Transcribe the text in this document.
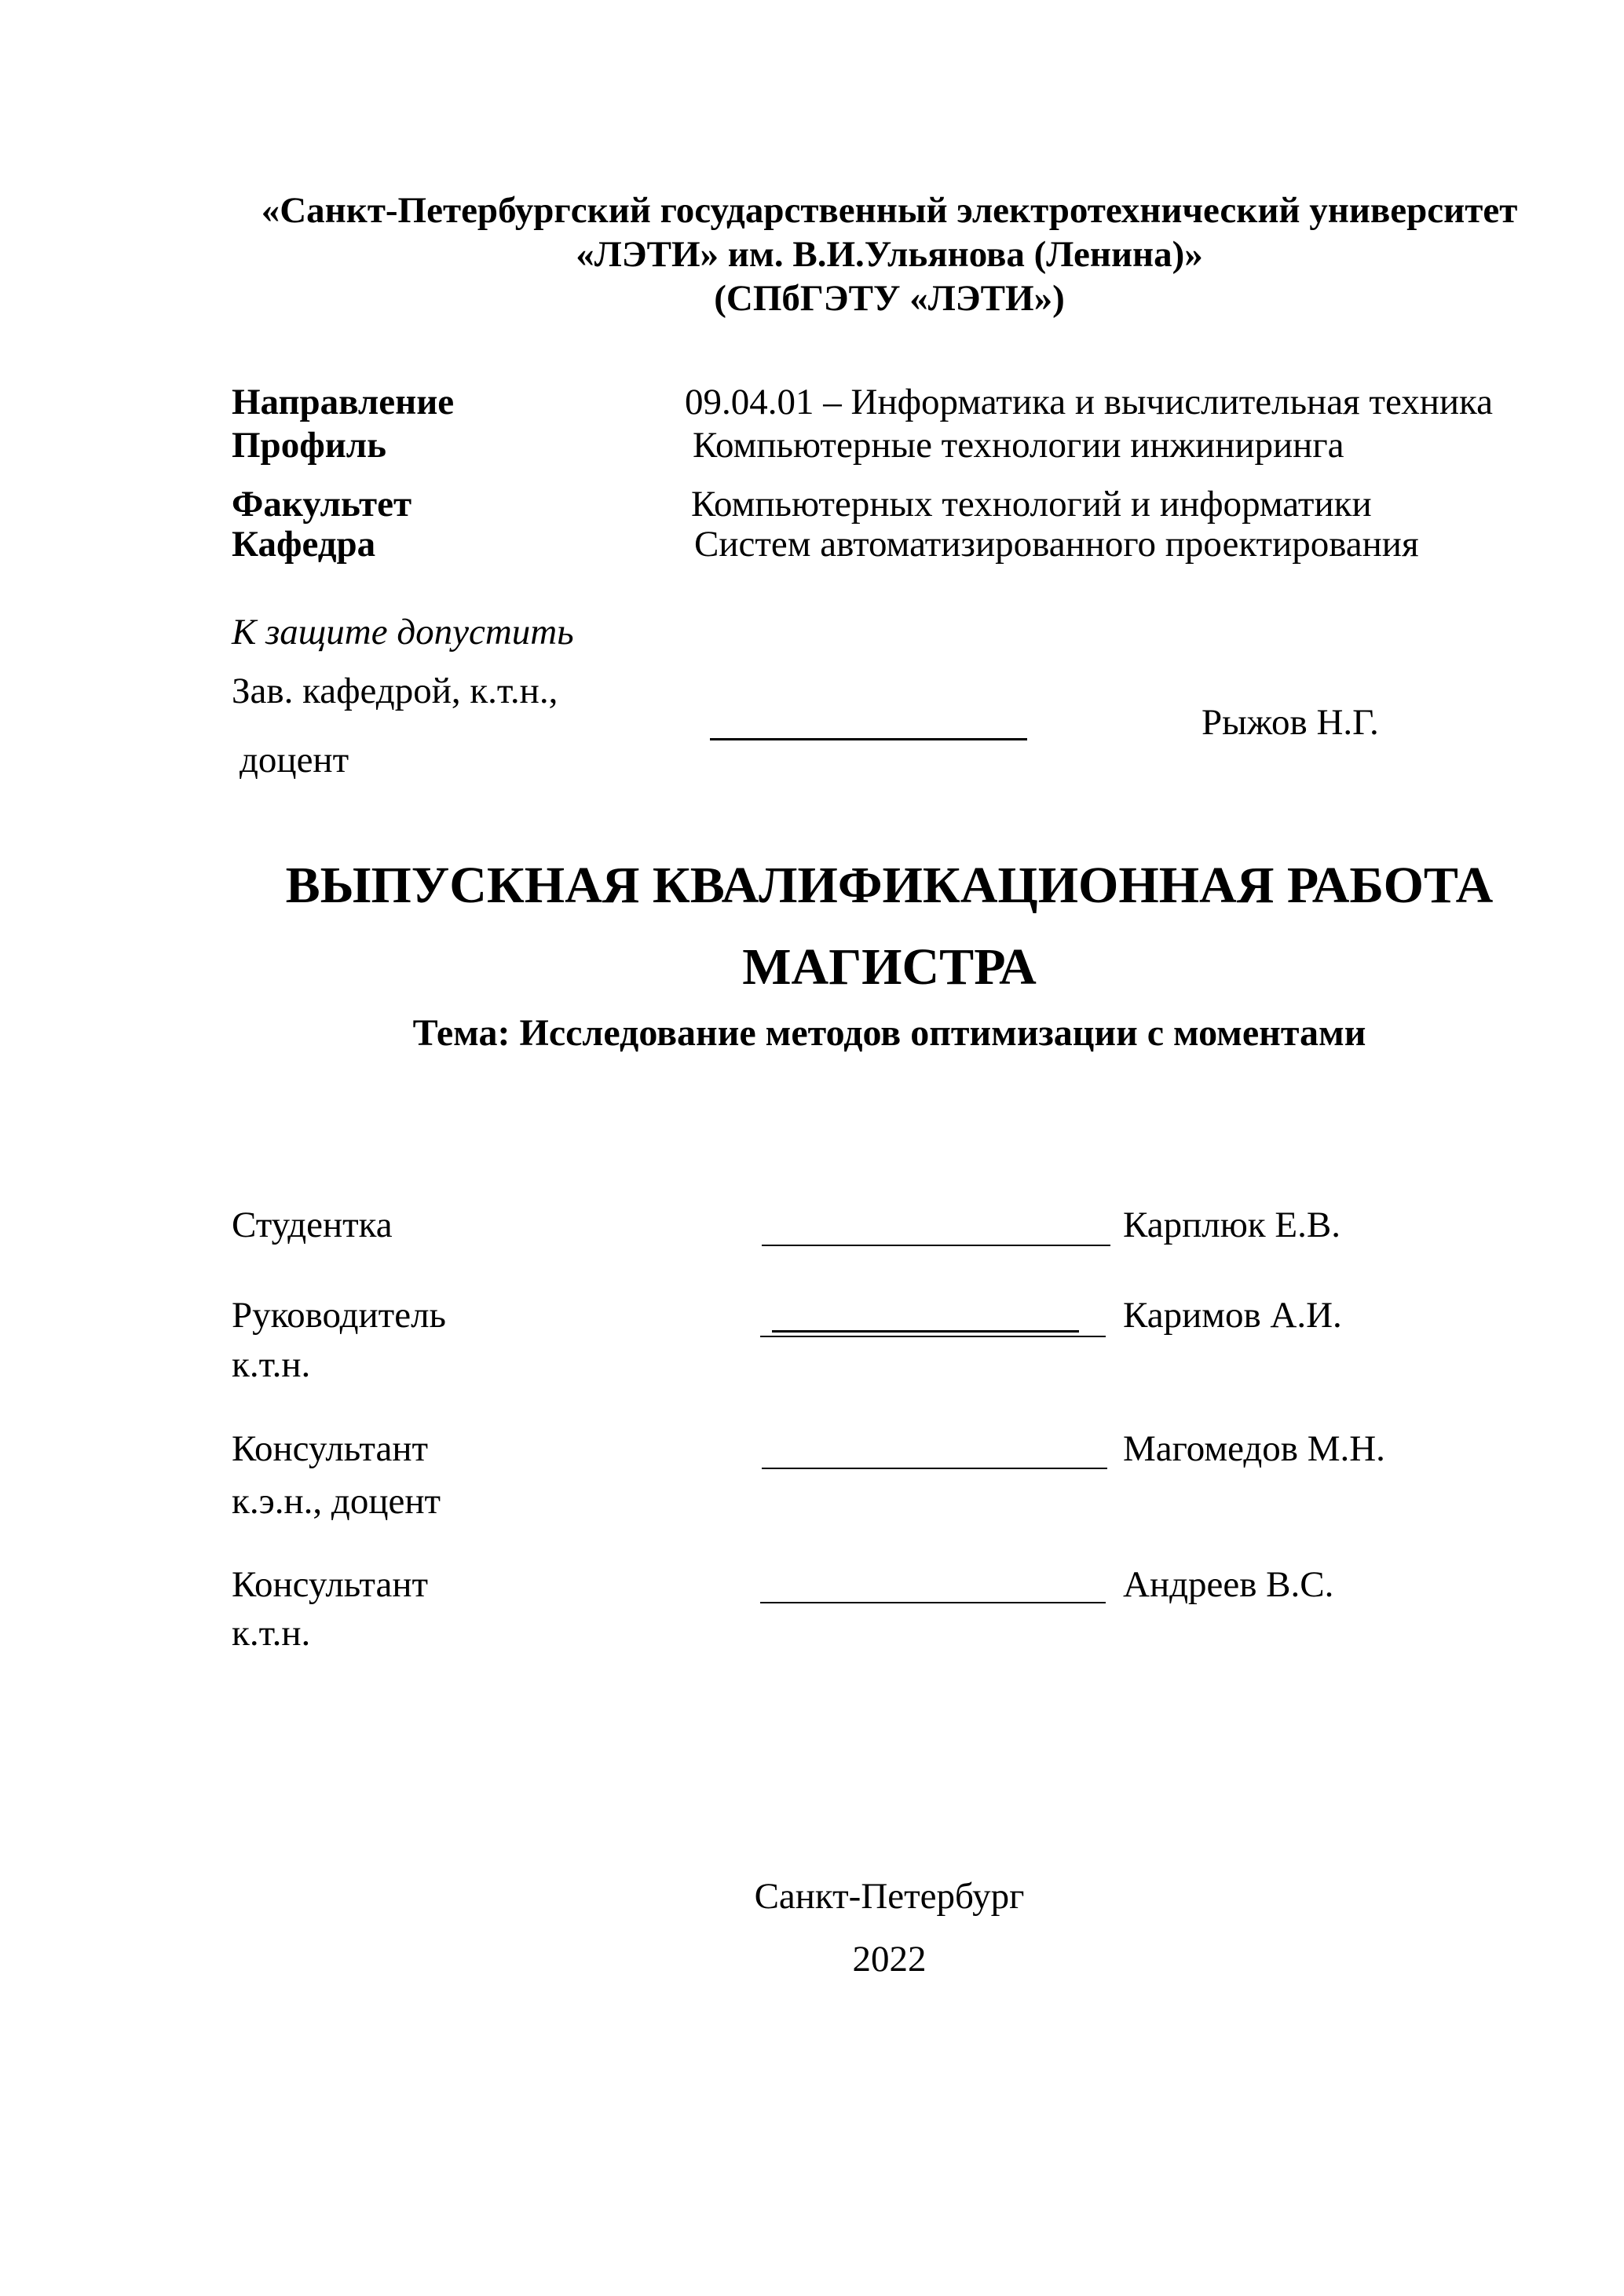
«Санкт-Петербургский государственный электротехнический университет
«ЛЭТИ» им. В.И.Ульянова (Ленина)»
(СПбГЭТУ «ЛЭТИ»)
Направление	09.04.01 – Информатика и вычислительная техника
Профиль	Компьютерные технологии инжиниринга
Факультет	Компьютерных технологий и информатики
Кафедра	Систем автоматизированного проектирования
К защите допустить
Зав. кафедрой, к.т.н.,
доцент
Рыжов Н.Г.
ВЫПУСКНАЯ КВАЛИФИКАЦИОННАЯ РАБОТА
МАГИСТРА
Тема: Исследование методов оптимизации с моментами
Студентка	Карплюк Е.В.
Руководитель	Каримов А.И.
к.т.н.
Консультант	Магомедов М.Н.
к.э.н., доцент
Консультант	Андреев В.С.
к.т.н.
Санкт-Петербург
2022
